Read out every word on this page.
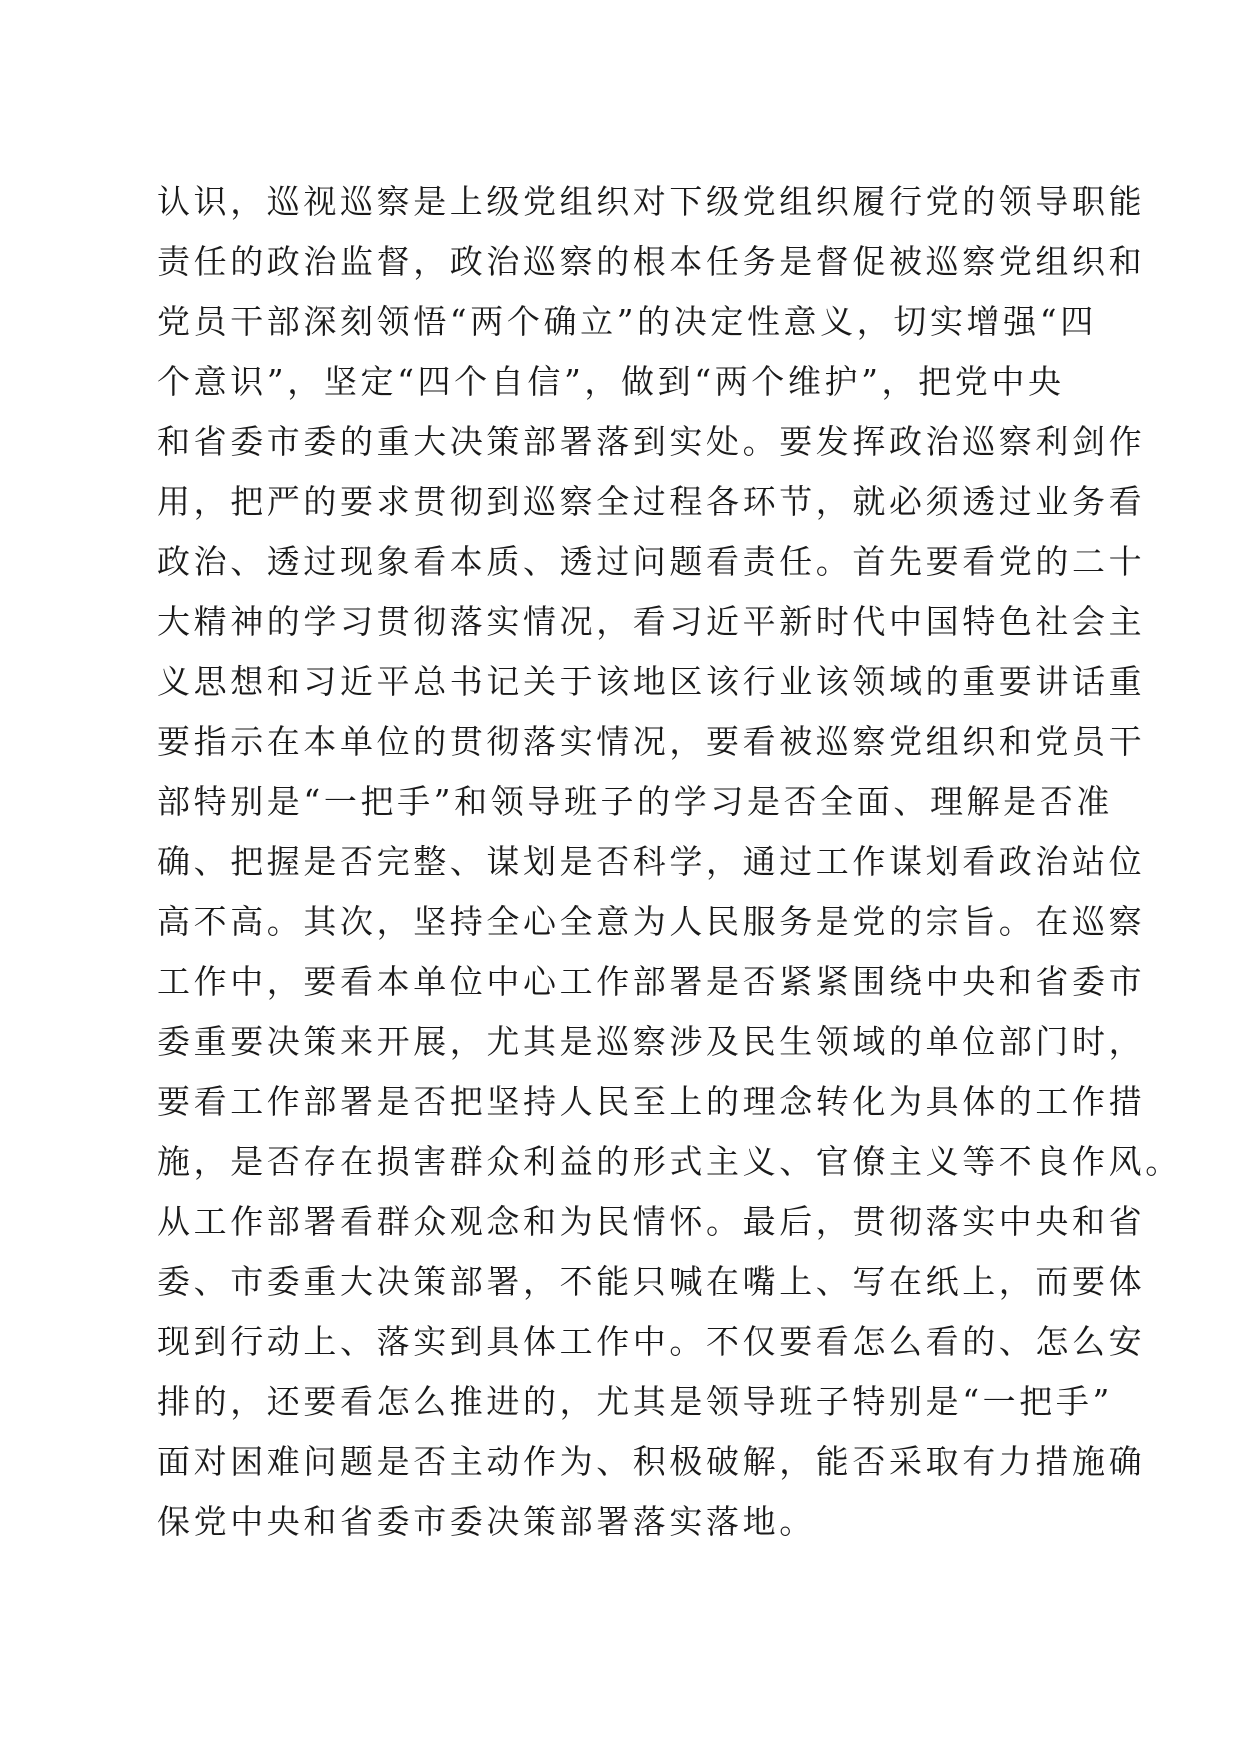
认识，巡视巡察是上级党组织对下级党组织履行党的领导职能
责任的政治监督，政治巡察的根本任务是督促被巡察党组织和
党员干部深刻领悟“两个确立”的决定性意义，切实增强“四
个意识”，坚定“四个自信”，做到“两个维护”，把党中央
和省委市委的重大决策部署落到实处。要发挥政治巡察利剑作
用，把严的要求贯彻到巡察全过程各环节，就必须透过业务看
政治、透过现象看本质、透过问题看责任。首先要看党的二十
大精神的学习贯彻落实情况，看习近平新时代中国特色社会主
义思想和习近平总书记关于该地区该行业该领域的重要讲话重
要指示在本单位的贯彻落实情况，要看被巡察党组织和党员干
部特别是“一把手”和领导班子的学习是否全面、理解是否准
确、把握是否完整、谋划是否科学，通过工作谋划看政治站位
高不高。其次，坚持全心全意为人民服务是党的宗旨。在巡察
工作中，要看本单位中心工作部署是否紧紧围绕中央和省委市
委重要决策来开展，尤其是巡察涉及民生领域的单位部门时，
要看工作部署是否把坚持人民至上的理念转化为具体的工作措
施，是否存在损害群众利益的形式主义、官僚主义等不良作风。
从工作部署看群众观念和为民情怀。最后，贯彻落实中央和省
委、市委重大决策部署，不能只喊在嘴上、写在纸上，而要体
现到行动上、落实到具体工作中。不仅要看怎么看的、怎么安
排的，还要看怎么推进的，尤其是领导班子特别是“一把手”
面对困难问题是否主动作为、积极破解，能否采取有力措施确
保党中央和省委市委决策部署落实落地。
